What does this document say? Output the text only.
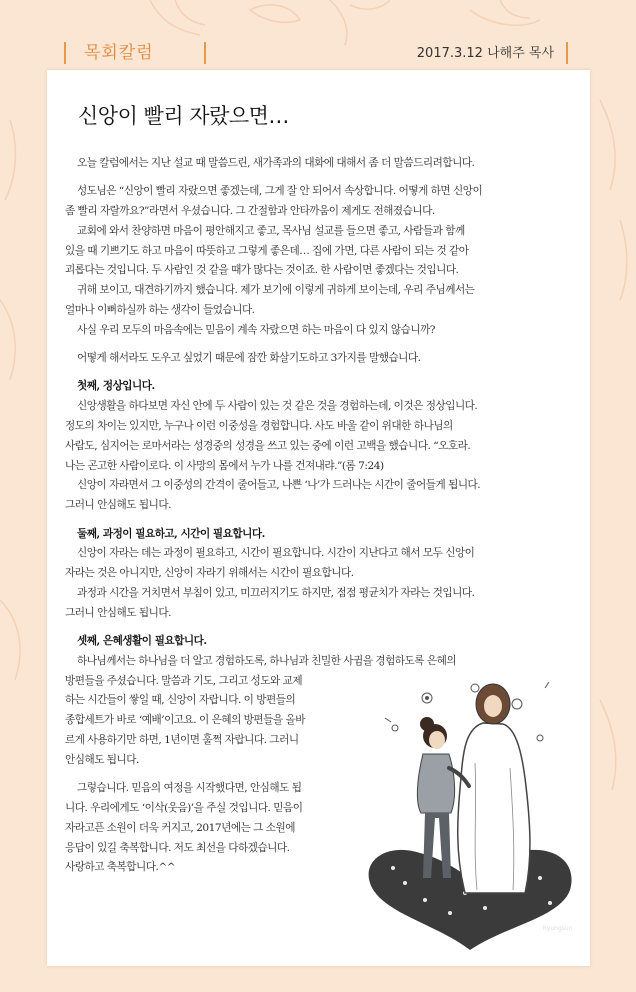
목회칼럼	2017.3.12 나해주 목사
신앙이 빨리 자랐으면…
오늘 칼럼에서는 지난 설교 때 말씀드린, 새가족과의 대화에 대해서 좀 더 말씀드리려합니다.
성도님은 “신앙이 빨리 자랐으면 좋겠는데, 그게 잘 안 되어서 속상합니다. 어떻게 하면 신앙이
좀 빨리 자랄까요?”라면서 우셨습니다. 그 간절함과 안타까움이 제게도 전해졌습니다.
교회에 와서 찬양하면 마음이 평안해지고 좋고, 목사님 설교를 들으면 좋고, 사람들과 함께
있을 때 기쁘기도 하고 마음이 따뜻하고 그렇게 좋은데… 집에 가면, 다른 사람이 되는 것 같아
괴롭다는 것입니다. 두 사람인 것 같을 때가 많다는 것이죠. 한 사람이면 좋겠다는 것입니다.
귀해 보이고, 대견하기까지 했습니다. 제가 보기에 이렇게 귀하게 보이는데, 우리 주님께서는
얼마나 이뻐하실까 하는 생각이 들었습니다.
사실 우리 모두의 마음속에는 믿음이 계속 자랐으면 하는 마음이 다 있지 않습니까?
어떻게 해서라도 도우고 싶었기 때문에 잠깐 화살기도하고 3가지를 말했습니다.
첫째, 정상입니다.
신앙생활을 하다보면 자신 안에 두 사람이 있는 것 같은 것을 경험하는데, 이것은 정상입니다.
정도의 차이는 있지만, 누구나 이런 이중성을 경험합니다. 사도 바울 같이 위대한 하나님의
사람도, 심지어는 로마서라는 성경중의 성경을 쓰고 있는 중에 이런 고백을 했습니다. “오호라.
나는 곤고한 사람이로다. 이 사망의 몸에서 누가 나를 건져내랴.”(롬 7:24)
신앙이 자라면서 그 이중성의 간격이 줄어들고, 나쁜 ‘나’가 드러나는 시간이 줄어들게 됩니다.
그러니 안심해도 됩니다.
둘째, 과정이 필요하고, 시간이 필요합니다.
신앙이 자라는 데는 과정이 필요하고, 시간이 필요합니다. 시간이 지난다고 해서 모두 신앙이
자라는 것은 아니지만, 신앙이 자라기 위해서는 시간이 필요합니다.
과정과 시간을 거치면서 부침이 있고, 미끄러지기도 하지만, 점점 평균치가 자라는 것입니다.
그러니 안심해도 됩니다.
셋째, 은혜생활이 필요합니다.
하나님께서는 하나님을 더 알고 경험하도록, 하나님과 친밀한 사귐을 경험하도록 은혜의
방편들을 주셨습니다. 말씀과 기도, 그리고 성도와 교제
하는 시간들이 쌓일 때, 신앙이 자랍니다. 이 방편들의
종합세트가 바로 ‘예배’이고요. 이 은혜의 방편들을 올바
르게 사용하기만 하면, 1년이면 훌쩍 자랍니다. 그러니
안심해도 됩니다.
그렇습니다. 믿음의 여정을 시작했다면, 안심해도 됩
니다. 우리에게도 ‘이삭(웃음)’을 주실 것입니다. 믿음이
자라고픈 소원이 더욱 커지고, 2017년에는 그 소원에
응답이 있길 축복합니다. 저도 최선을 다하겠습니다.
사랑하고 축복합니다.^^
hyungsun
